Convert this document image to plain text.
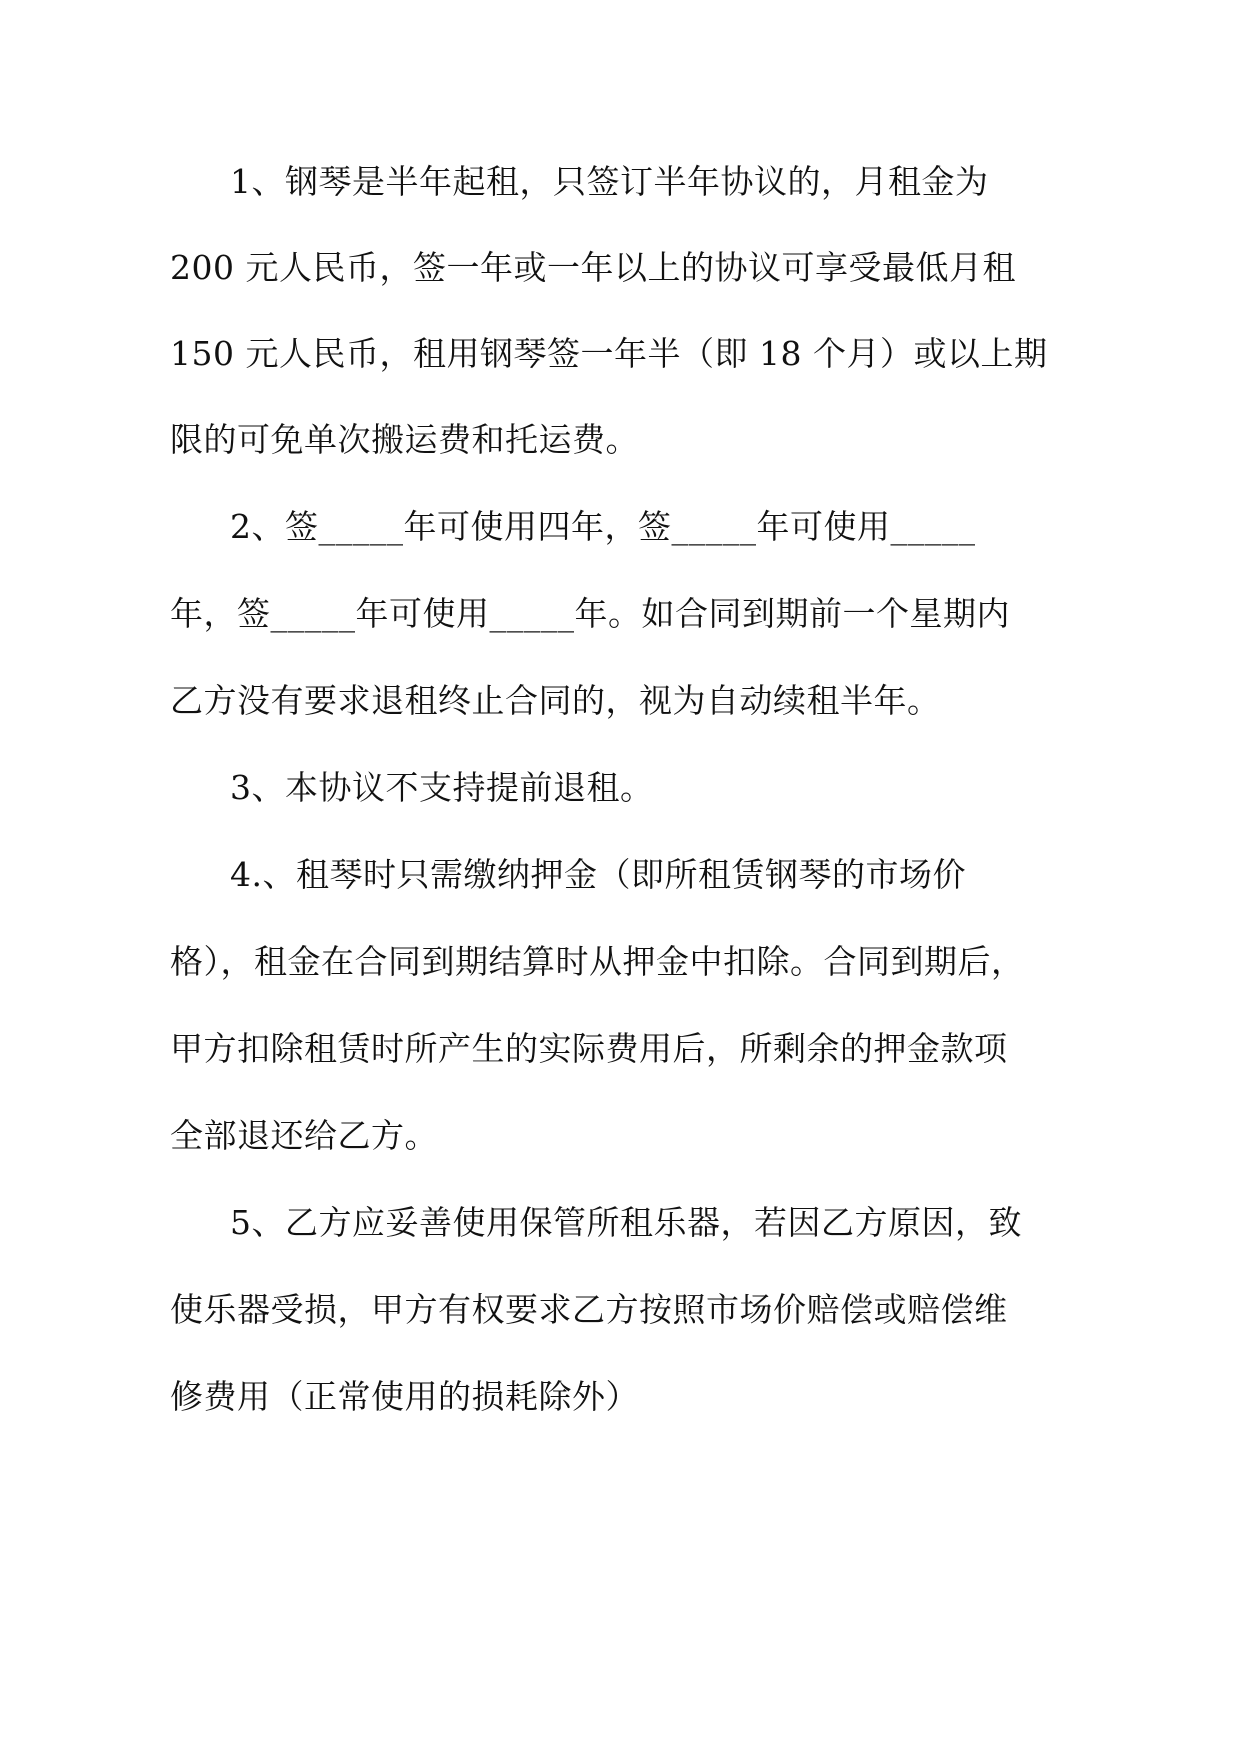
1、钢琴是半年起租，只签订半年协议的，月租金为
200 元人民币，签一年或一年以上的协议可享受最低月租
150 元人民币，租用钢琴签一年半（即 18 个月）或以上期
限的可免单次搬运费和托运费。
2、签_____年可使用四年，签_____年可使用_____
年，签_____年可使用_____年。如合同到期前一个星期内
乙方没有要求退租终止合同的，视为自动续租半年。
3、本协议不支持提前退租。
4.、租琴时只需缴纳押金（即所租赁钢琴的市场价
格），租金在合同到期结算时从押金中扣除。合同到期后，
甲方扣除租赁时所产生的实际费用后，所剩余的押金款项
全部退还给乙方。
5、乙方应妥善使用保管所租乐器，若因乙方原因，致
使乐器受损，甲方有权要求乙方按照市场价赔偿或赔偿维
修费用（正常使用的损耗除外）
